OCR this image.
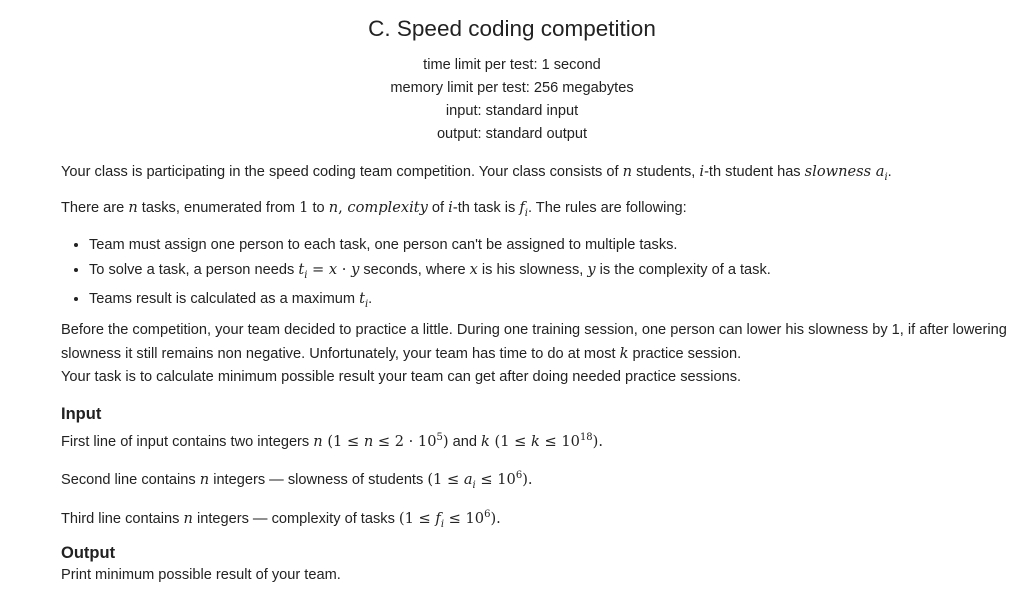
C. Speed coding competition
time limit per test: 1 second
memory limit per test: 256 megabytes
input: standard input
output: standard output

Your class is participating in the speed coding team competition. Your class consists of n students, i-th student has slowness $a_i$.

There are n tasks, enumerated from 1 to n, complexity of i-th task is $f_i$. The rules are following:

• Team must assign one person to each task, one person can't be assigned to multiple tasks.
• To solve a task, a person needs $t_i = x \cdot y$ seconds, where x is his slowness, y is the complexity of a task.
• Teams result is calculated as a maximum $t_i$.

Before the competition, your team decided to practice a little. During one training session, one person can lower his slowness by 1, if after lowering slowness it still remains non negative. Unfortunately, your team has time to do at most k practice session.
Your task is to calculate minimum possible result your team can get after doing needed practice sessions.

Input

First line of input contains two integers n $(1 \le n \le 2 \cdot 10^5)$ and k $(1 \le k \le 10^{18})$.

Second line contains n integers — slowness of students $(1 \le a_i \le 10^6)$.

Third line contains n integers — complexity of tasks $(1 \le f_i \le 10^6)$.

Output

Print minimum possible result of your team.
